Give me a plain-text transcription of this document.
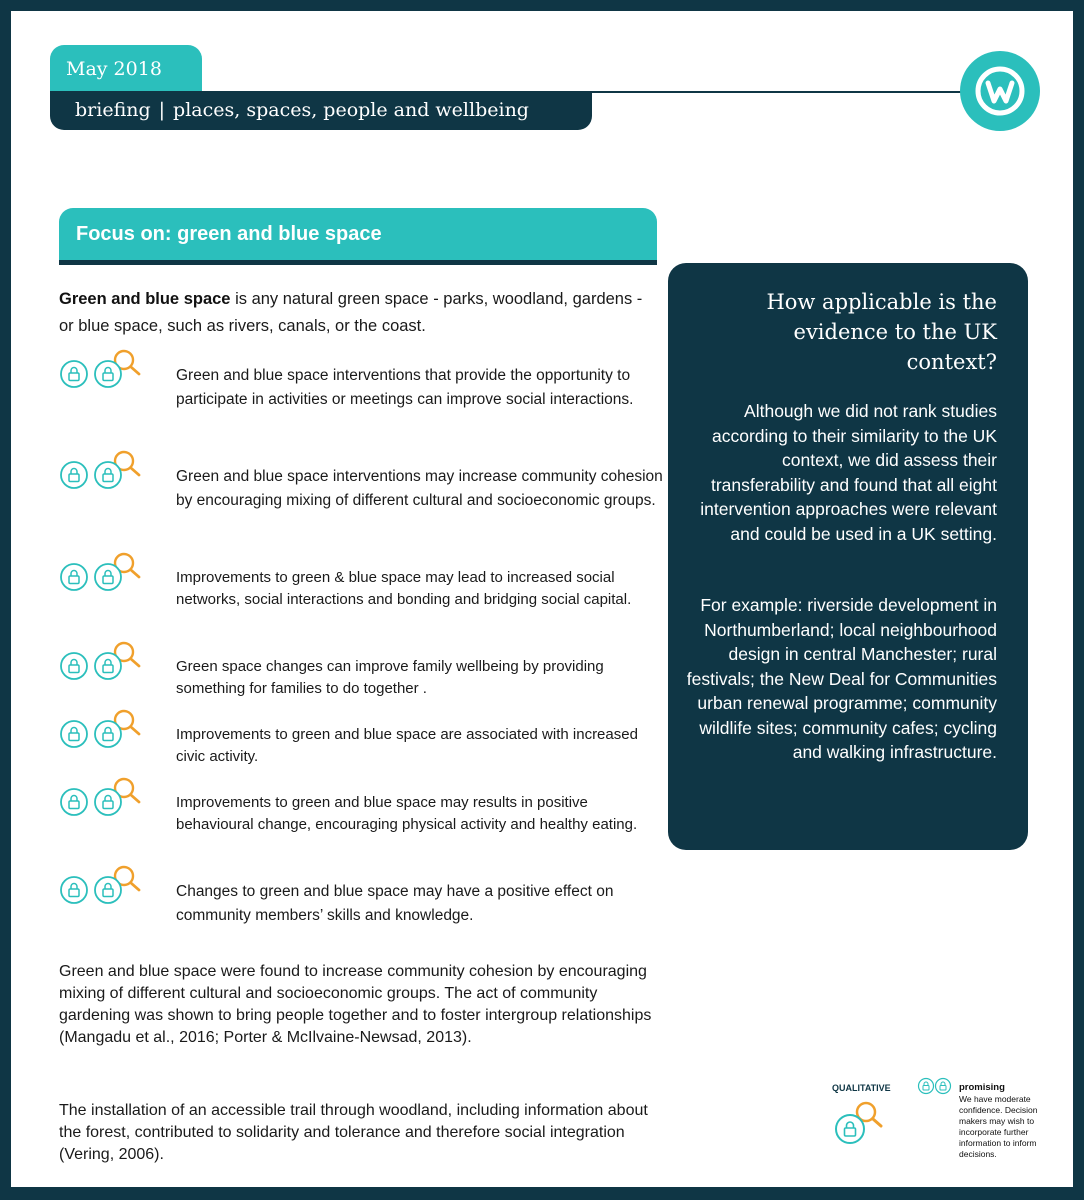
May 2018
briefing | places, spaces, people and wellbeing
Focus on: green and blue space
Green and blue space is any natural green space - parks, woodland, gardens - or blue space, such as rivers, canals, or the coast.
Green and blue space interventions that provide the opportunity to participate in activities or meetings can improve social interactions.
Green and blue space interventions may increase community cohesion by encouraging mixing of different cultural and socioeconomic groups.
Improvements to green & blue space may lead to increased social networks, social interactions and bonding and bridging social capital.
Green space changes can improve family wellbeing by providing something for families to do together .
Improvements to green and blue space are associated with increased civic activity.
Improvements to green and blue space may results in positive behavioural change, encouraging physical activity and healthy eating.
Changes to green and blue space may have a positive effect on community members’ skills and knowledge.
Green and blue space were found to increase community cohesion by encouraging mixing of different cultural and socioeconomic groups. The act of community gardening was shown to bring people together and to foster intergroup relationships (Mangadu et al., 2016; Porter & McIlvaine-Newsad, 2013).
The installation of an accessible trail through woodland, including information about the forest, contributed to solidarity and tolerance and therefore social integration (Vering, 2006).
How applicable is the evidence to the UK context?
Although we did not rank studies according to their similarity to the UK context, we did assess their transferability and found that all eight intervention approaches were relevant and could be used in a UK setting.
For example: riverside development in Northumberland; local neighbourhood design in central Manchester; rural festivals; the New Deal for Communities urban renewal programme; community wildlife sites; community cafes; cycling and walking infrastructure.
QUALITATIVE	promising
We have moderate confidence. Decision makers may wish to incorporate further information to inform decisions.
